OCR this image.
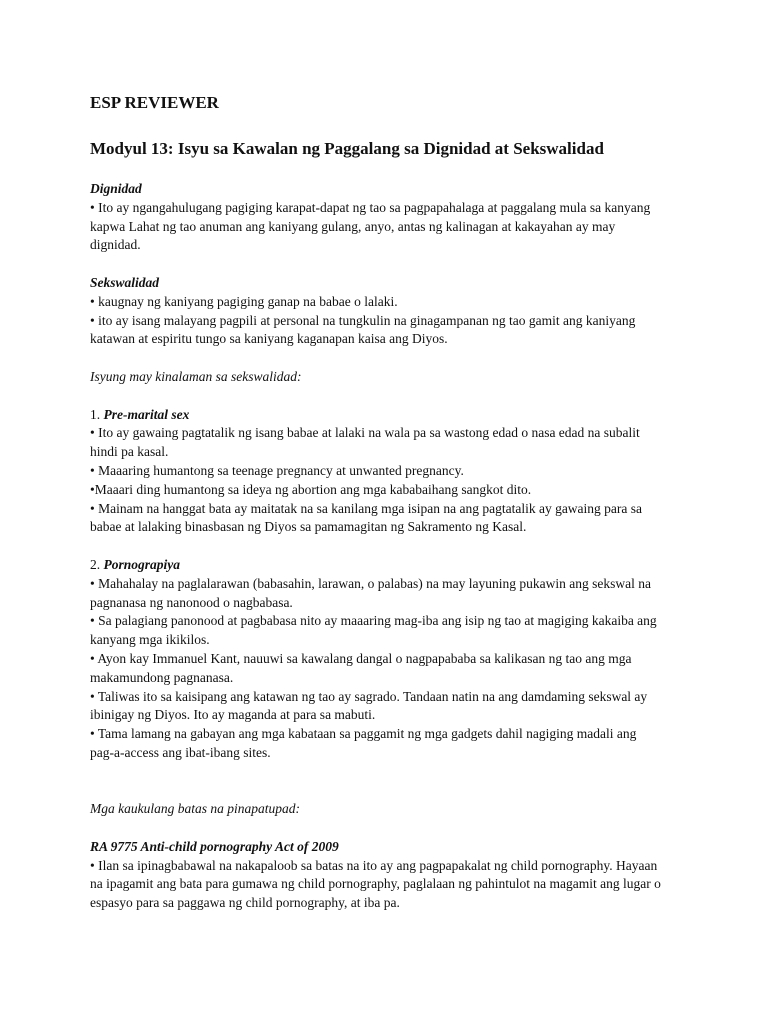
ESP REVIEWER
Modyul 13: Isyu sa Kawalan ng Paggalang sa Dignidad at Sekswalidad
Dignidad
• Ito ay ngangahulugang pagiging karapat-dapat ng tao sa pagpapahalaga at paggalang mula sa kanyang
kapwa Lahat ng tao anuman ang kaniyang gulang, anyo, antas ng kalinagan at kakayahan ay may
dignidad.
Sekswalidad
• kaugnay ng kaniyang pagiging ganap na babae o lalaki.
• ito ay isang malayang pagpili at personal na tungkulin na ginagampanan ng tao gamit ang kaniyang
katawan at espiritu tungo sa kaniyang kaganapan kaisa ang Diyos.
Isyung may kinalaman sa sekswalidad:
1. Pre-marital sex
• Ito ay gawaing pagtatalik ng isang babae at lalaki na wala pa sa wastong edad o nasa edad na subalit
hindi pa kasal.
• Maaaring humantong sa teenage pregnancy at unwanted pregnancy.
•Maaari ding humantong sa ideya ng abortion ang mga kababaihang sangkot dito.
• Mainam na hanggat bata ay maitatak na sa kanilang mga isipan na ang pagtatalik ay gawaing para sa
babae at lalaking binasbasan ng Diyos sa pamamagitan ng Sakramento ng Kasal.
2. Pornograpiya
• Mahahalay na paglalarawan (babasahin, larawan, o palabas) na may layuning pukawin ang sekswal na
pagnanasa ng nanonood o nagbabasa.
• Sa palagiang panonood at pagbabasa nito ay maaaring mag-iba ang isip ng tao at magiging kakaiba ang
kanyang mga ikikilos.
• Ayon kay Immanuel Kant, nauuwi sa kawalang dangal o nagpapababa sa kalikasan ng tao ang mga
makamundong pagnanasa.
• Taliwas ito sa kaisipang ang katawan ng tao ay sagrado. Tandaan natin na ang damdaming sekswal ay
ibinigay ng Diyos. Ito ay maganda at para sa mabuti.
• Tama lamang na gabayan ang mga kabataan sa paggamit ng mga gadgets dahil nagiging madali ang
pag-a-access ang ibat-ibang sites.
Mga kaukulang batas na pinapatupad:
RA 9775 Anti-child pornography Act of 2009
• Ilan sa ipinagbabawal na nakapaloob sa batas na ito ay ang pagpapakalat ng child pornography. Hayaan
na ipagamit ang bata para gumawa ng child pornography, paglalaan ng pahintulot na magamit ang lugar o
espasyo para sa paggawa ng child pornography, at iba pa.
